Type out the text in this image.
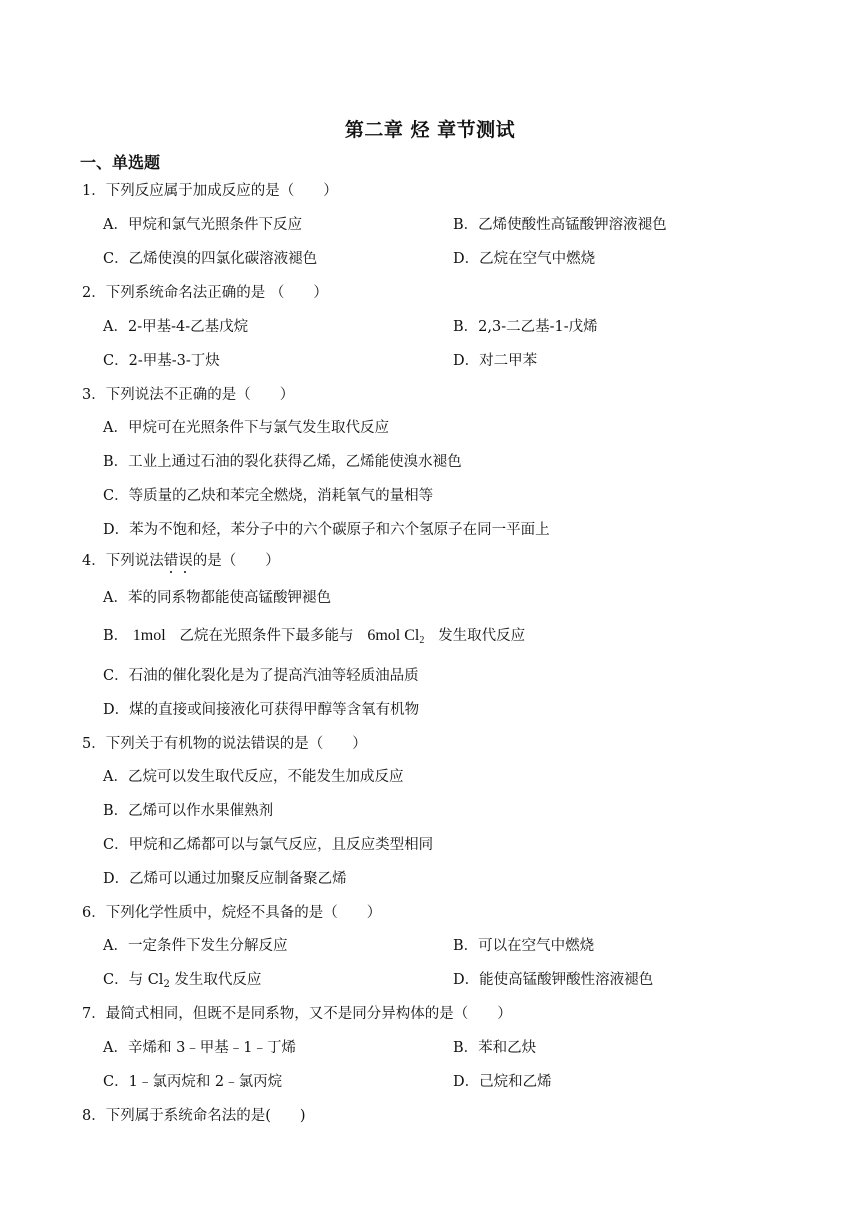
第二章 烃 章节测试
一、单选题
1．下列反应属于加成反应的是（　　）
A．甲烷和氯气光照条件下反应	B．乙烯使酸性高锰酸钾溶液褪色
C．乙烯使溴的四氯化碳溶液褪色	D．乙烷在空气中燃烧
2．下列系统命名法正确的是 （　　）
A．2-甲基-4-乙基戊烷	B．2,3-二乙基-1-戊烯
C．2-甲基-3-丁炔	D．对二甲苯
3．下列说法不正确的是（　　）
A．甲烷可在光照条件下与氯气发生取代反应
B．工业上通过石油的裂化获得乙烯，乙烯能使溴水褪色
C．等质量的乙炔和苯完全燃烧，消耗氧气的量相等
D．苯为不饱和烃，苯分子中的六个碳原子和六个氢原子在同一平面上
4．下列说法错误的是（　　）
A．苯的同系物都能使高锰酸钾褪色
B． 1mol 乙烷在光照条件下最多能与 6mol $Cl_2$ 发生取代反应
C．石油的催化裂化是为了提高汽油等轻质油品质
D．煤的直接或间接液化可获得甲醇等含氧有机物
5．下列关于有机物的说法错误的是（　　）
A．乙烷可以发生取代反应，不能发生加成反应
B．乙烯可以作水果催熟剂
C．甲烷和乙烯都可以与氯气反应，且反应类型相同
D．乙烯可以通过加聚反应制备聚乙烯
6．下列化学性质中，烷烃不具备的是（　　）
A．一定条件下发生分解反应	B．可以在空气中燃烧
C．与 $Cl_2$ 发生取代反应	D．能使高锰酸钾酸性溶液褪色
7．最简式相同，但既不是同系物，又不是同分异构体的是（　　）
A．辛烯和 3﹣甲基﹣1﹣丁烯	B．苯和乙炔
C．1﹣氯丙烷和 2﹣氯丙烷	D．己烷和乙烯
8．下列属于系统命名法的是(　　)
